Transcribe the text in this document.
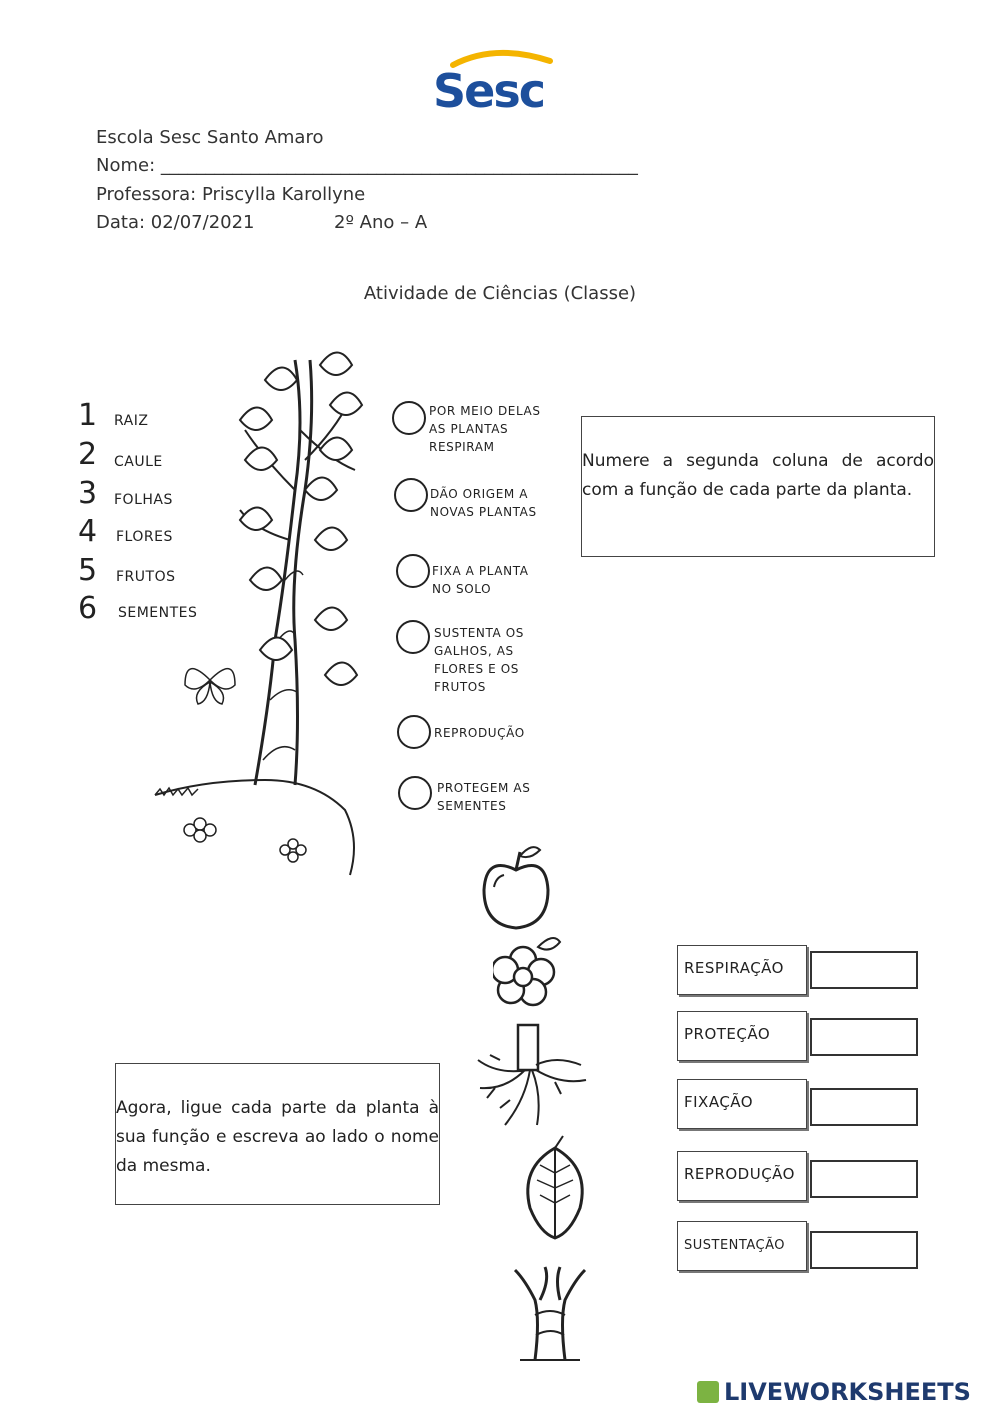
Sesc
Escola Sesc Santo Amaro
Nome: _____________________________________________________
Professora: Priscylla Karollyne
Data: 02/07/2021	2º Ano – A
Atividade de Ciências (Classe)
1 RAIZ
2 CAULE
3 FOLHAS
4 FLORES
5 FRUTOS
6 SEMENTES
POR MEIO DELAS
AS PLANTAS
RESPIRAM
DÃO ORIGEM A
NOVAS PLANTAS
FIXA A PLANTA
NO SOLO
SUSTENTA OS
GALHOS, AS
FLORES E OS
FRUTOS
REPRODUÇÃO
PROTEGEM AS
SEMENTES

Numere a segunda coluna de acordo com a função de cada parte da planta.

Agora, ligue cada parte da planta à sua função e escreva ao lado o nome da mesma.

RESPIRAÇÃO
PROTEÇÃO
FIXAÇÃO
REPRODUÇÃO
SUSTENTAÇÃO
LIVEWORKSHEETS
